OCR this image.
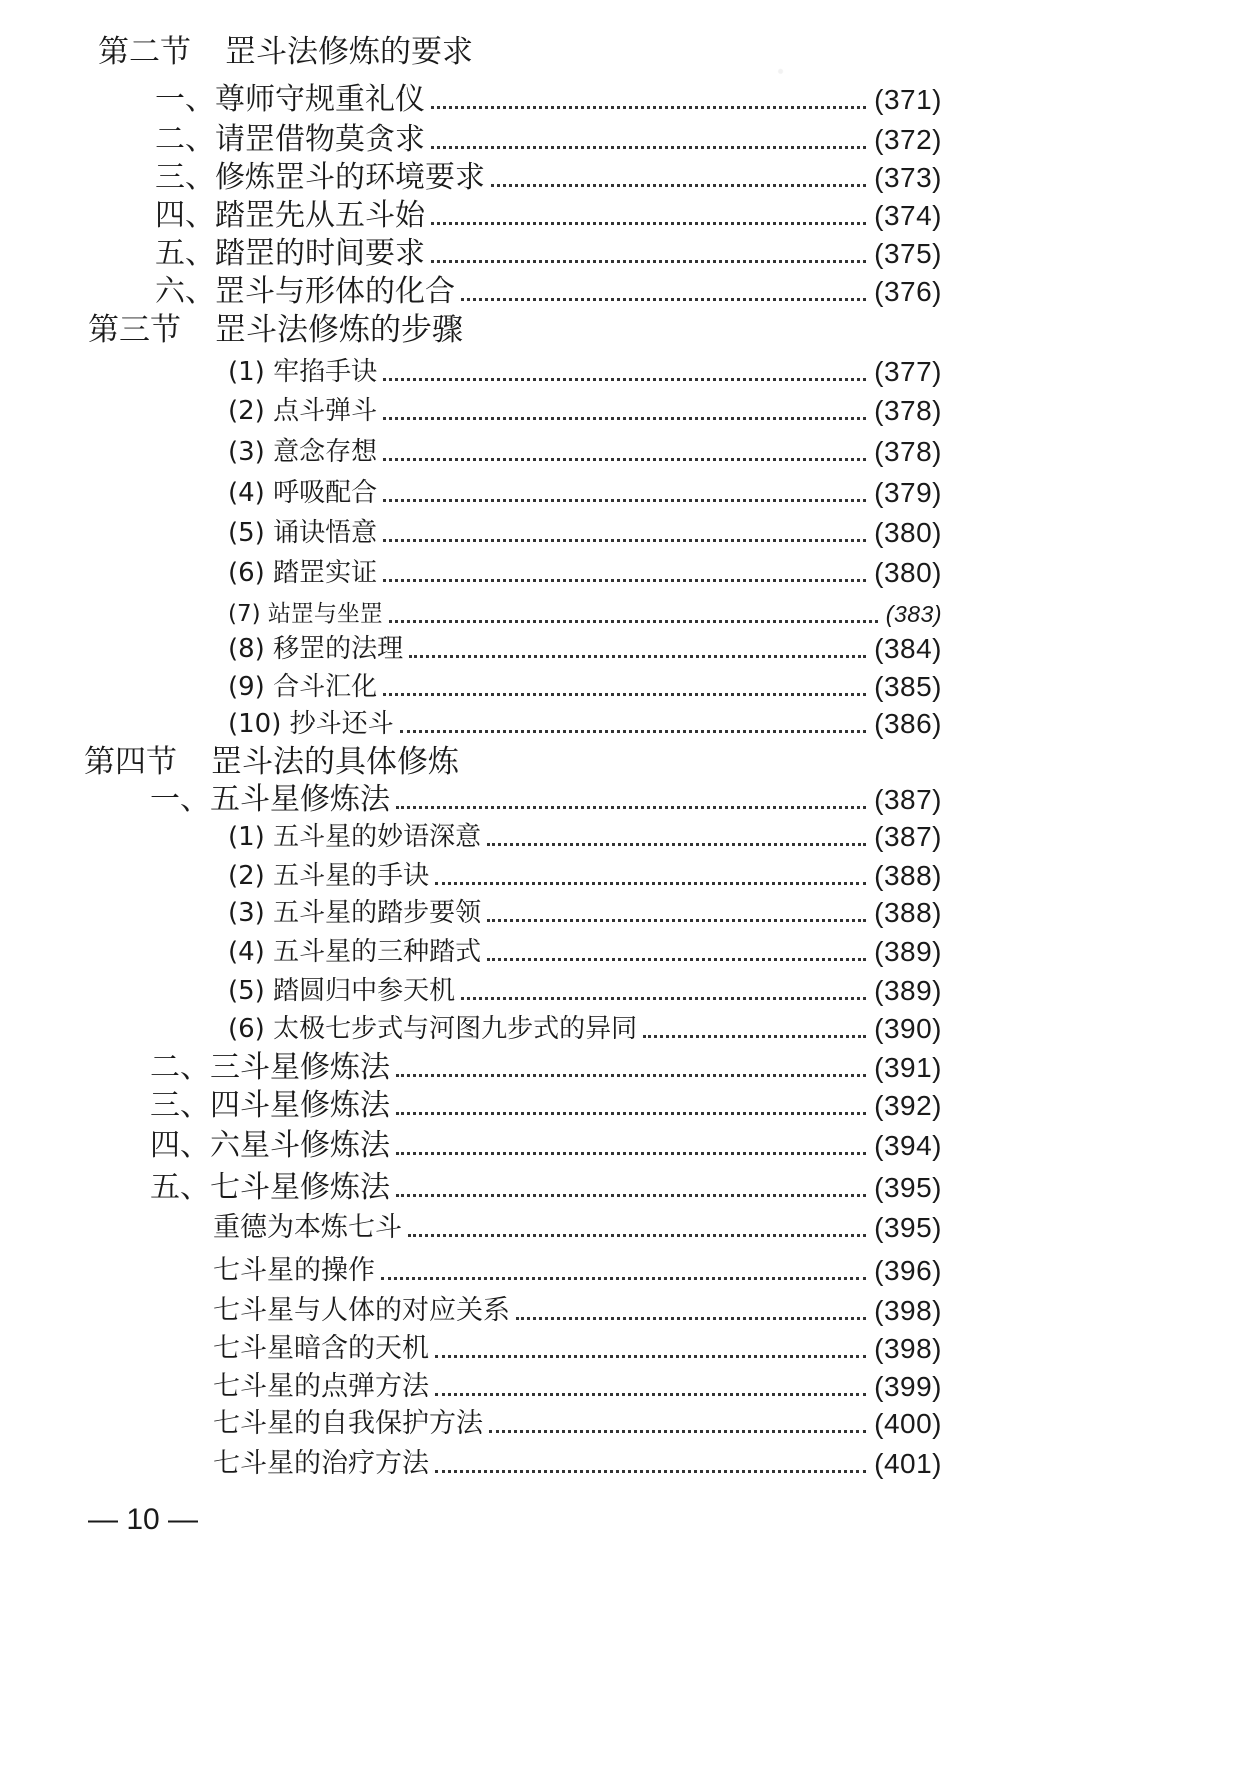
第二节 罡斗法修炼的要求
一、尊师守规重礼仪	(371)
二、请罡借物莫贪求	(372)
三、修炼罡斗的环境要求	(373)
四、踏罡先从五斗始	(374)
五、踏罡的时间要求	(375)
六、罡斗与形体的化合	(376)
第三节 罡斗法修炼的步骤
(1) 牢掐手诀	(377)
(2) 点斗弹斗	(378)
(3) 意念存想	(378)
(4) 呼吸配合	(379)
(5) 诵诀悟意	(380)
(6) 踏罡实证	(380)
(7) 站罡与坐罡	(383)
(8) 移罡的法理	(384)
(9) 合斗汇化	(385)
(10) 抄斗还斗	(386)
第四节 罡斗法的具体修炼
一、五斗星修炼法	(387)
(1) 五斗星的妙语深意	(387)
(2) 五斗星的手诀	(388)
(3) 五斗星的踏步要领	(388)
(4) 五斗星的三种踏式	(389)
(5) 踏圆归中参天机	(389)
(6) 太极七步式与河图九步式的异同	(390)
二、三斗星修炼法	(391)
三、四斗星修炼法	(392)
四、六星斗修炼法	(394)
五、七斗星修炼法	(395)
重德为本炼七斗	(395)
七斗星的操作	(396)
七斗星与人体的对应关系	(398)
七斗星暗含的天机	(398)
七斗星的点弹方法	(399)
七斗星的自我保护方法	(400)
七斗星的治疗方法	(401)
— 10 —
